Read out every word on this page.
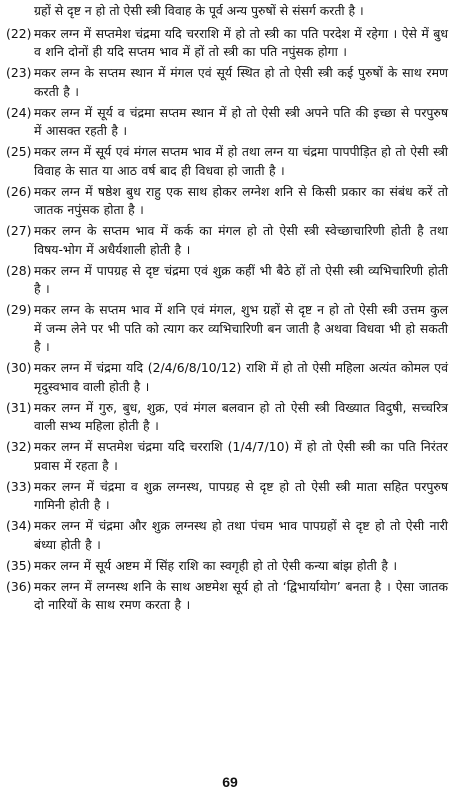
ग्रहों से दृष्ट न हो तो ऐसी स्त्री विवाह के पूर्व अन्य पुरुषों से संसर्ग करती है ।

(22) मकर लग्न में सप्तमेश चंद्रमा यदि चरराशि में हो तो स्त्री का पति परदेश में रहेगा । ऐसे में बुध व शनि दोनों ही यदि सप्तम भाव में हों तो स्त्री का पति नपुंसक होगा ।
(23) मकर लग्न के सप्तम स्थान में मंगल एवं सूर्य स्थित हो तो ऐसी स्त्री कई पुरुषों के साथ रमण करती है ।
(24) मकर लग्न में सूर्य व चंद्रमा सप्तम स्थान में हो तो ऐसी स्त्री अपने पति की इच्छा से परपुरुष में आसक्त रहती है ।
(25) मकर लग्न में सूर्य एवं मंगल सप्तम भाव में हो तथा लग्न या चंद्रमा पापपीड़ित हो तो ऐसी स्त्री विवाह के सात या आठ वर्ष बाद ही विधवा हो जाती है ।
(26) मकर लग्न में षष्ठेश बुध राहु एक साथ होकर लग्नेश शनि से किसी प्रकार का संबंध करें तो जातक नपुंसक होता है ।
(27) मकर लग्न के सप्तम भाव में कर्क का मंगल हो तो ऐसी स्त्री स्वेच्छाचारिणी होती है तथा विषय-भोग में अधैर्यशाली होती है ।
(28) मकर लग्न में पापग्रह से दृष्ट चंद्रमा एवं शुक्र कहीं भी बैठे हों तो ऐसी स्त्री व्यभिचारिणी होती है ।
(29) मकर लग्न के सप्तम भाव में शनि एवं मंगल, शुभ ग्रहों से दृष्ट न हो तो ऐसी स्त्री उत्तम कुल में जन्म लेने पर भी पति को त्याग कर व्यभिचारिणी बन जाती है अथवा विधवा भी हो सकती है ।
(30) मकर लग्न में चंद्रमा यदि (2/4/6/8/10/12) राशि में हो तो ऐसी महिला अत्यंत कोमल एवं मृदुस्वभाव वाली होती है ।
(31) मकर लग्न में गुरु, बुध, शुक्र, एवं मंगल बलवान हो तो ऐसी स्त्री विख्यात विदुषी, सच्चरित्र वाली सभ्य महिला होती है ।
(32) मकर लग्न में सप्तमेश चंद्रमा यदि चरराशि (1/4/7/10) में हो तो ऐसी स्त्री का पति निरंतर प्रवास में रहता है ।
(33) मकर लग्न में चंद्रमा व शुक्र लग्नस्थ, पापग्रह से दृष्ट हो तो ऐसी स्त्री माता सहित परपुरुष गामिनी होती है ।
(34) मकर लग्न में चंद्रमा और शुक्र लग्नस्थ हो तथा पंचम भाव पापग्रहों से दृष्ट हो तो ऐसी नारी बंध्या होती है ।
(35) मकर लग्न में सूर्य अष्टम में सिंह राशि का स्वगृही हो तो ऐसी कन्या बांझ होती है ।
(36) मकर लग्न में लग्नस्थ शनि के साथ अष्टमेश सूर्य हो तो ‘द्विभार्यायोग’ बनता है । ऐसा जातक दो नारियों के साथ रमण करता है ।
69
